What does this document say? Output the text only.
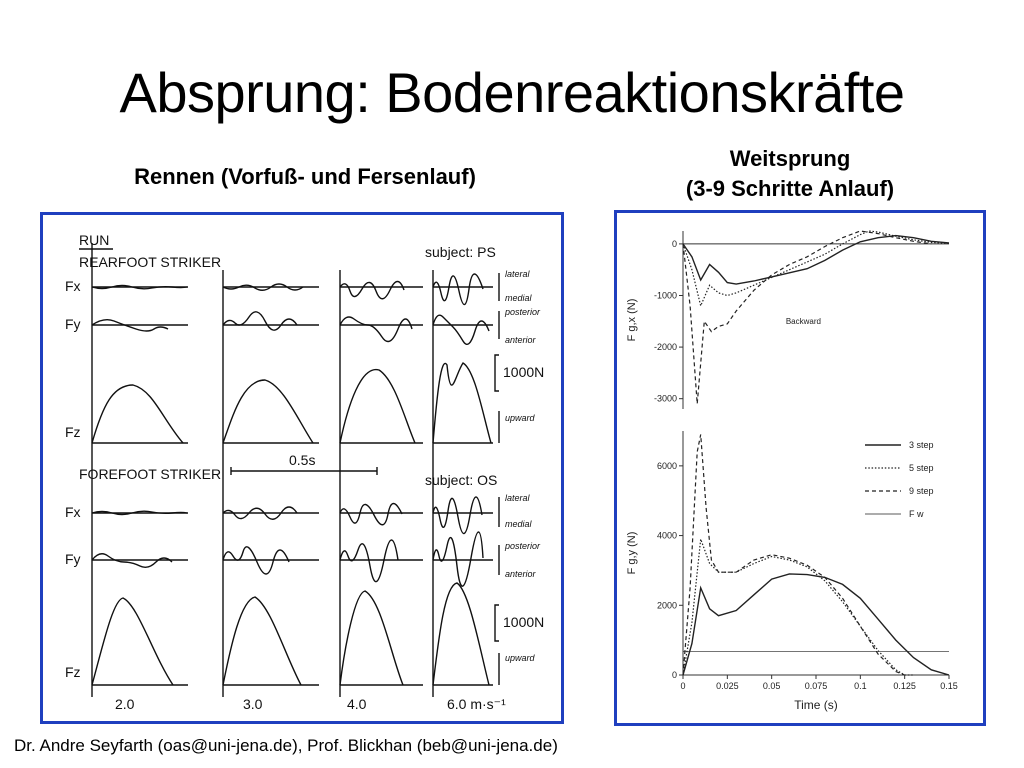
Absprung: Bodenreaktionskräfte
Rennen (Vorfuß- und Fersenlauf)
Weitsprung
(3-9 Schritte Anlauf)
RUN
REARFOOT STRIKER
FOREFOOT STRIKER
subject: PS
subject: OS
0.5s
1000N
1000N
Fx
Fy
Fz
Fx
Fy
Fz
2.0	3.0	4.0	6.0 m·s⁻¹
lateral
medial
posterior
anterior
upward
lateral
medial
posterior
anterior
upward
0
-1000
-2000
-3000
F g,x (N)	Backward
0
2000
4000
6000
0	0.025	0.05	0.075	0.1	0.125	0.15
F g,y (N)
Time (s)
3 step
5 step
9 step
F w
Dr. Andre Seyfarth (oas@uni-jena.de), Prof. Blickhan (beb@uni-jena.de)
